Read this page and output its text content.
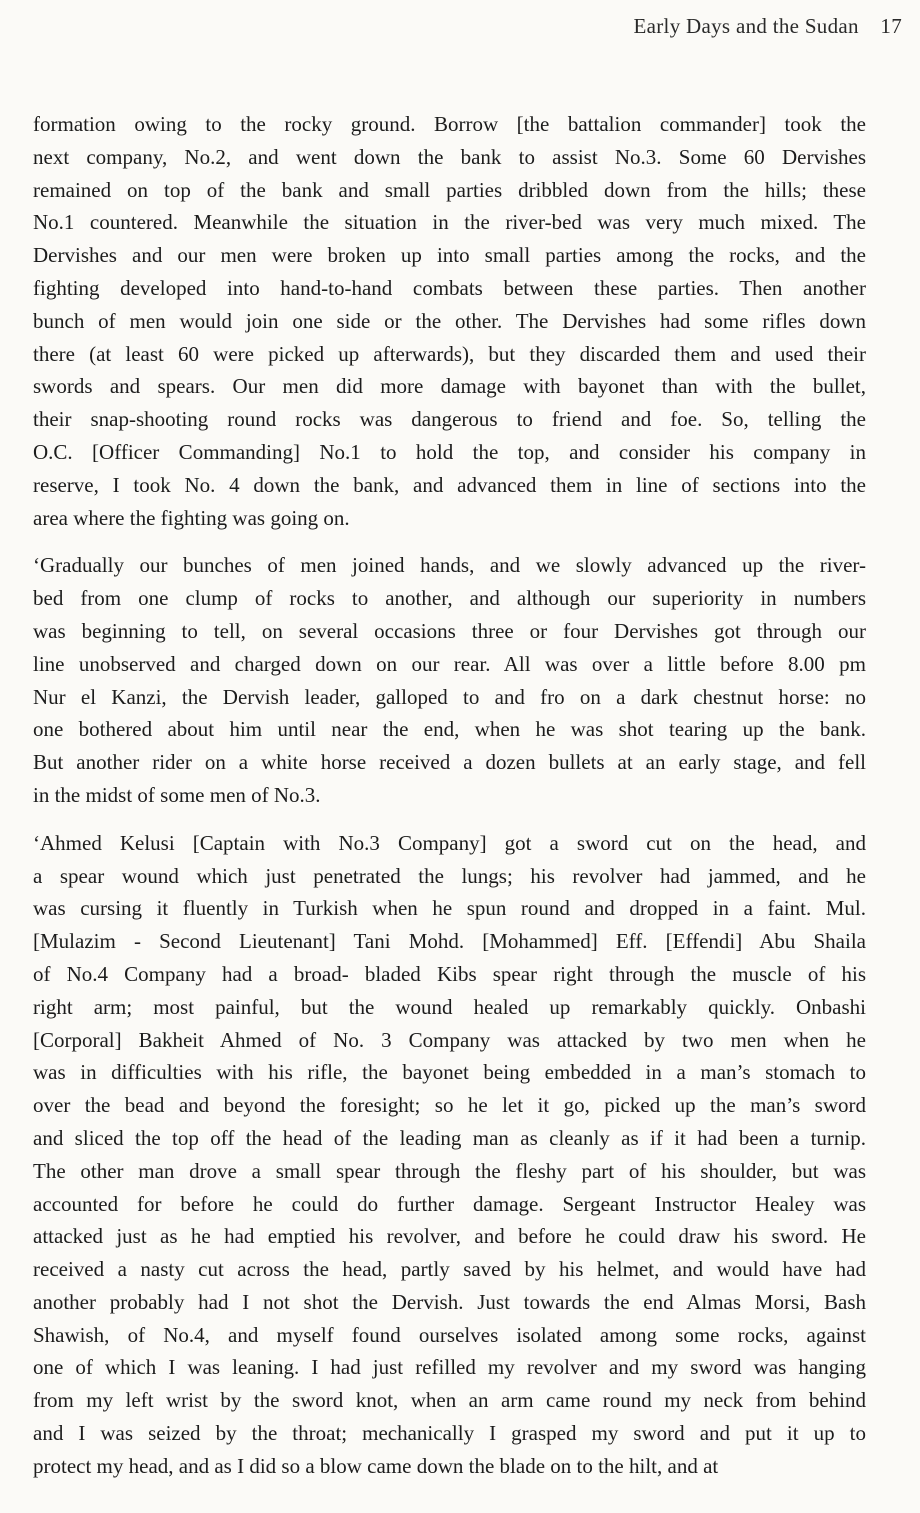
Early Days and the Sudan 17

formation owing to the rocky ground. Borrow [the battalion commander] took the
next company, No.2, and went down the bank to assist No.3. Some 60 Dervishes
remained on top of the bank and small parties dribbled down from the hills; these
No.1 countered. Meanwhile the situation in the river-bed was very much mixed. The
Dervishes and our men were broken up into small parties among the rocks, and the
fighting developed into hand-to-hand combats between these parties. Then another
bunch of men would join one side or the other. The Dervishes had some rifles down
there (at least 60 were picked up afterwards), but they discarded them and used their
swords and spears. Our men did more damage with bayonet than with the bullet,
their snap-shooting round rocks was dangerous to friend and foe. So, telling the
O.C. [Officer Commanding] No.1 to hold the top, and consider his company in
reserve, I took No. 4 down the bank, and advanced them in line of sections into the
area where the fighting was going on.

‘Gradually our bunches of men joined hands, and we slowly advanced up the river-
bed from one clump of rocks to another, and although our superiority in numbers
was beginning to tell, on several occasions three or four Dervishes got through our
line unobserved and charged down on our rear. All was over a little before 8.00 pm
Nur el Kanzi, the Dervish leader, galloped to and fro on a dark chestnut horse: no
one bothered about him until near the end, when he was shot tearing up the bank.
But another rider on a white horse received a dozen bullets at an early stage, and fell
in the midst of some men of No.3.

‘Ahmed Kelusi [Captain with No.3 Company] got a sword cut on the head, and
a spear wound which just penetrated the lungs; his revolver had jammed, and he
was cursing it fluently in Turkish when he spun round and dropped in a faint. Mul.
[Mulazim - Second Lieutenant] Tani Mohd. [Mohammed] Eff. [Effendi] Abu Shaila
of No.4 Company had a broad- bladed Kibs spear right through the muscle of his
right arm; most painful, but the wound healed up remarkably quickly. Onbashi
[Corporal] Bakheit Ahmed of No. 3 Company was attacked by two men when he
was in difficulties with his rifle, the bayonet being embedded in a man’s stomach to
over the bead and beyond the foresight; so he let it go, picked up the man’s sword
and sliced the top off the head of the leading man as cleanly as if it had been a turnip.
The other man drove a small spear through the fleshy part of his shoulder, but was
accounted for before he could do further damage. Sergeant Instructor Healey was
attacked just as he had emptied his revolver, and before he could draw his sword. He
received a nasty cut across the head, partly saved by his helmet, and would have had
another probably had I not shot the Dervish. Just towards the end Almas Morsi, Bash
Shawish, of No.4, and myself found ourselves isolated among some rocks, against
one of which I was leaning. I had just refilled my revolver and my sword was hanging
from my left wrist by the sword knot, when an arm came round my neck from behind
and I was seized by the throat; mechanically I grasped my sword and put it up to
protect my head, and as I did so a blow came down the blade on to the hilt, and at
